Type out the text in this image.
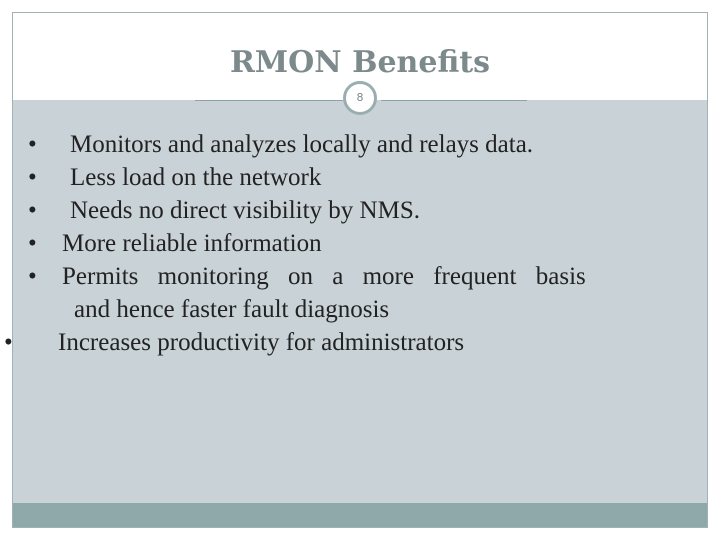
RMON Benefits
8
• Monitors and analyzes locally and relays data.
• Less load on the network
• Needs no direct visibility by NMS.
• More reliable information
• Permits monitoring on a more frequent basis
and hence faster fault diagnosis
• Increases productivity for administrators
